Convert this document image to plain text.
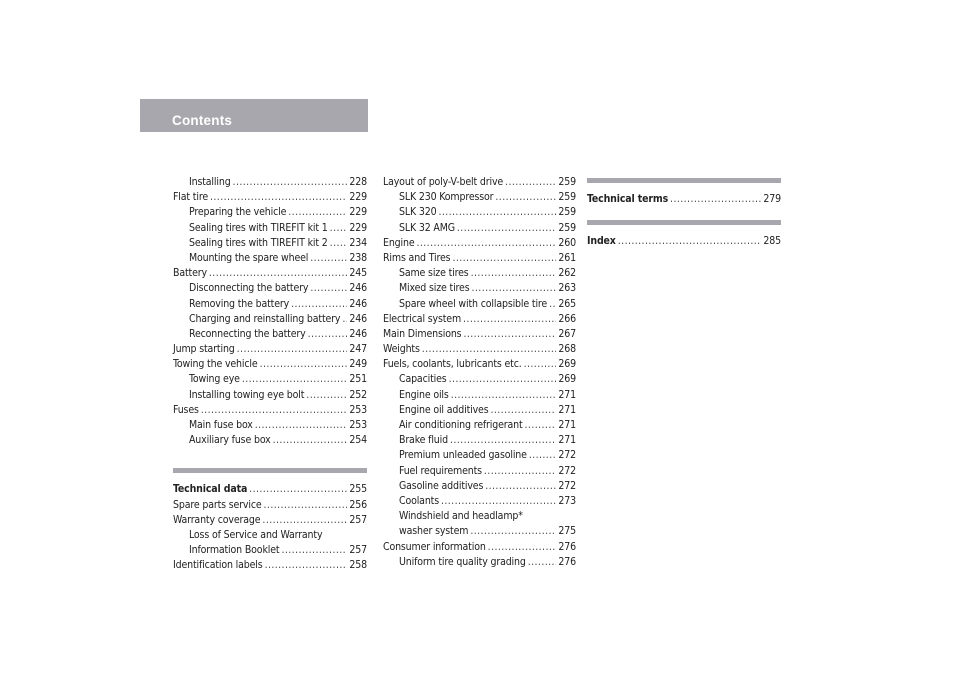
Contents
Installing .....	228
Flat tire .....	229
Preparing the vehicle .....	229
Sealing tires with TIREFIT kit 1 ..... 229
Sealing tires with TIREFIT kit 2 ..... 234
Mounting the spare wheel .....	238
Battery .....	245
Disconnecting the battery .....	246
Removing the battery .....	246
Charging and reinstalling battery ..... 246
Reconnecting the battery .....	246
Jump starting .....	247
Towing the vehicle .....	249
Towing eye .....	251
Installing towing eye bolt .....	252
Fuses .....	253
Main fuse box .....	253
Auxiliary fuse box .....	254
Technical data .....	255
Spare parts service .....	256
Warranty coverage .....	257
Loss of Service and Warranty
Information Booklet .....	257
Identification labels .....	258
Layout of poly-V-belt drive .....	259
SLK 230 Kompressor .....	259
SLK 320 .....	259
SLK 32 AMG .....	259
Engine .....	260
Rims and Tires .....	261
Same size tires .....	262
Mixed size tires .....	263
Spare wheel with collapsible tire ..... 265
Electrical system .....	266
Main Dimensions .....	267
Weights .....	268
Fuels, coolants, lubricants etc. .....	269
Capacities .....	269
Engine oils .....	271
Engine oil additives .....	271
Air conditioning refrigerant .....	271
Brake fluid .....	271
Premium unleaded gasoline .....	272
Fuel requirements .....	272
Gasoline additives .....	272
Coolants .....	273
Windshield and headlamp*
washer system .....	275
Consumer information .....	276
Uniform tire quality grading .....	276
Technical terms .....	279
Index .....	285
